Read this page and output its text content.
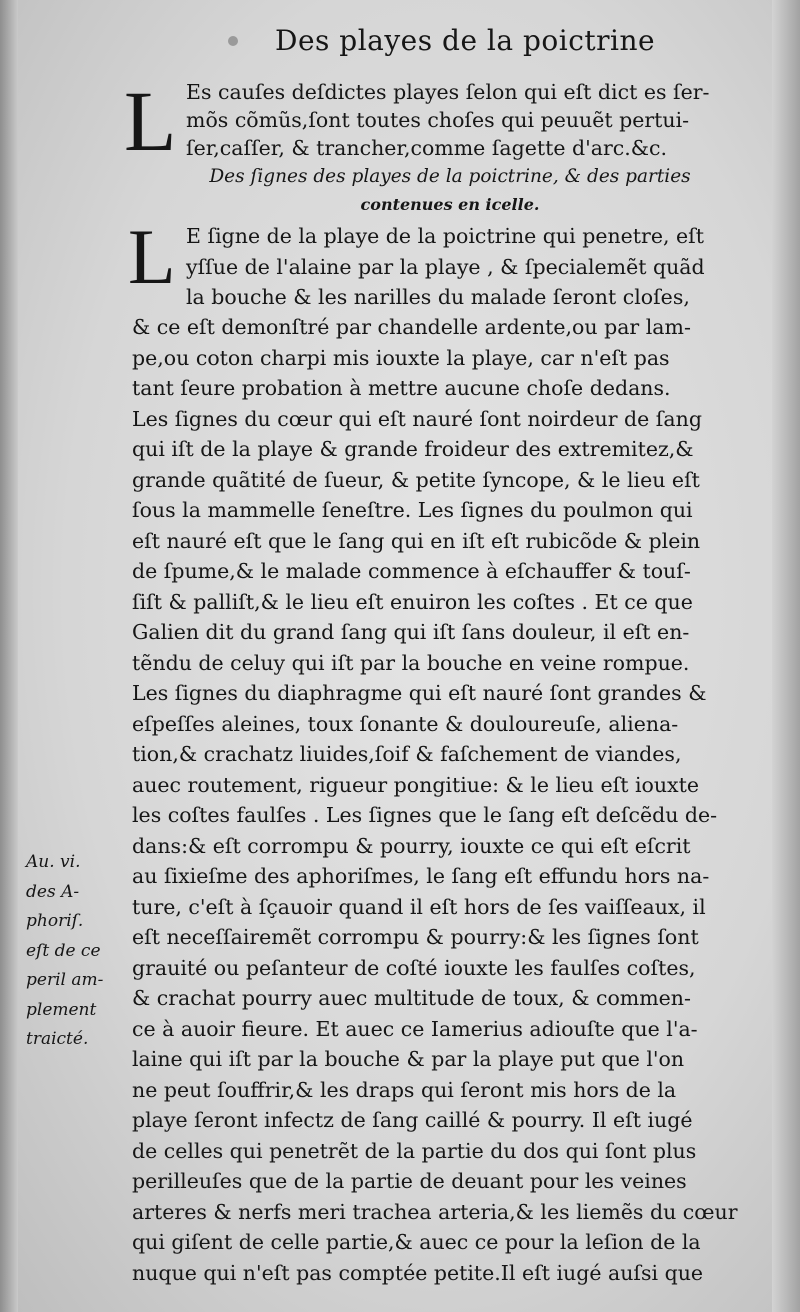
Des playes de la poictrine
L Es cauſes deſdictes playes ſelon qui eſt dict es ſer-
mõs cõmũs,ſont toutes choſes qui peuuẽt pertui-
ſer,caſſer, & trancher,comme ſagette d'arc.&c.
Des ſignes des playes de la poictrine, & des parties
contenues en icelle.
L E ſigne de la playe de la poictrine qui penetre, eſt
yſſue de l'alaine par la playe , & ſpecialemẽt quãd
la bouche & les narilles du malade ſeront cloſes,
& ce eſt demonſtré par chandelle ardente,ou par lam-
pe,ou coton charpi mis iouxte la playe, car n'eſt pas
tant ſeure probation à mettre aucune choſe dedans.
Les ſignes du cœur qui eſt nauré ſont noirdeur de ſang
qui iſt de la playe & grande froideur des extremitez,&
grande quãtité de ſueur, & petite ſyncope, & le lieu eſt
ſous la mammelle ſeneſtre. Les ſignes du poulmon qui
eſt nauré eſt que le ſang qui en iſt eſt rubicõde & plein
de ſpume,& le malade commence à eſchauffer & touſ-
ſiſt & palliſt,& le lieu eſt enuiron les coſtes . Et ce que
Galien dit du grand ſang qui iſt ſans douleur, il eſt en-
tẽndu de celuy qui iſt par la bouche en veine rompue.
Les ſignes du diaphragme qui eſt nauré ſont grandes &
eſpeſſes aleines, toux ſonante & douloureuſe, aliena-
tion,& crachatz liuides,ſoif & faſchement de viandes,
auec routement, rigueur pongitiue: & le lieu eſt iouxte
les coſtes faulſes . Les ſignes que le ſang eſt deſcẽdu de-
dans:& eſt corrompu & pourry, iouxte ce qui eſt eſcrit
au ſixieſme des aphoriſmes, le ſang eſt effundu hors na-
ture, c'eſt à ſçauoir quand il eſt hors de ſes vaiſſeaux, il
eſt neceſſairemẽt corrompu & pourry:& les ſignes ſont
grauité ou peſanteur de coſté iouxte les faulſes coſtes,
& crachat pourry auec multitude de toux, & commen-
ce à auoir fieure. Et auec ce Iamerius adiouſte que l'a-
laine qui iſt par la bouche & par la playe put que l'on
ne peut ſouffrir,& les draps qui ſeront mis hors de la
playe ſeront infectz de ſang caillé & pourry. Il eſt iugé
de celles qui penetrẽt de la partie du dos qui ſont plus
perilleuſes que de la partie de deuant pour les veines
arteres & nerfs meri trachea arteria,& les liemẽs du cœur
qui giſent de celle partie,& auec ce pour la leſion de la
nuque qui n'eſt pas comptée petite.Il eſt iugé auſsi que
Au. vi.
des A-
phoriſ.
eſt de ce
peril am-
plement
traicté.
